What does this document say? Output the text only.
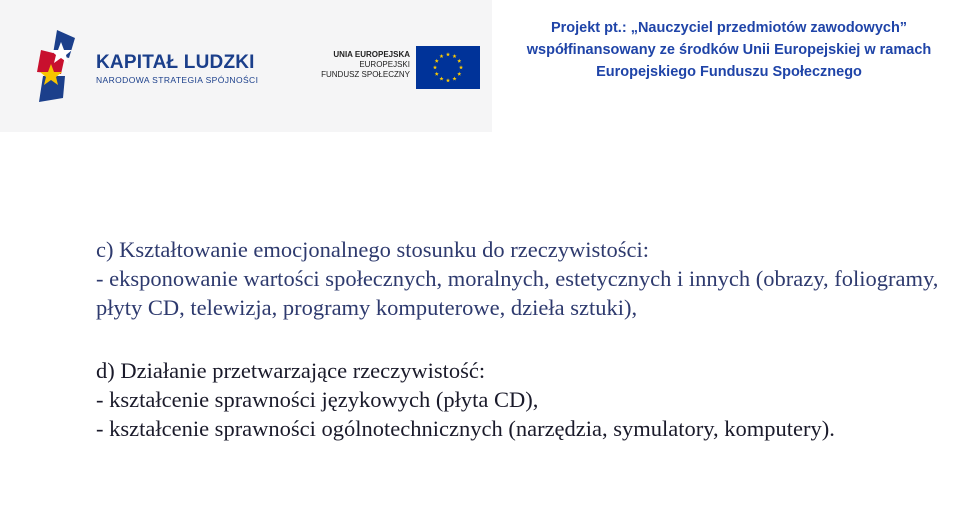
KAPITAŁ LUDZKI
NARODOWA STRATEGIA SPÓJNOŚCI
UNIA EUROPEJSKA
EUROPEJSKI
FUNDUSZ SPOŁECZNY
Projekt pt.: „Nauczyciel przedmiotów zawodowych”
współfinansowany ze środków Unii Europejskiej w ramach
Europejskiego Funduszu Społecznego

c) Kształtowanie emocjonalnego stosunku do rzeczywistości:

- eksponowanie wartości społecznych, moralnych, estetycznych i innych (obrazy, foliogramy, płyty CD, telewizja, programy komputerowe, dzieła sztuki),

d) Działanie przetwarzające rzeczywistość:

- kształcenie sprawności językowych (płyta CD),

- kształcenie sprawności ogólnotechnicznych (narzędzia, symulatory, komputery).
